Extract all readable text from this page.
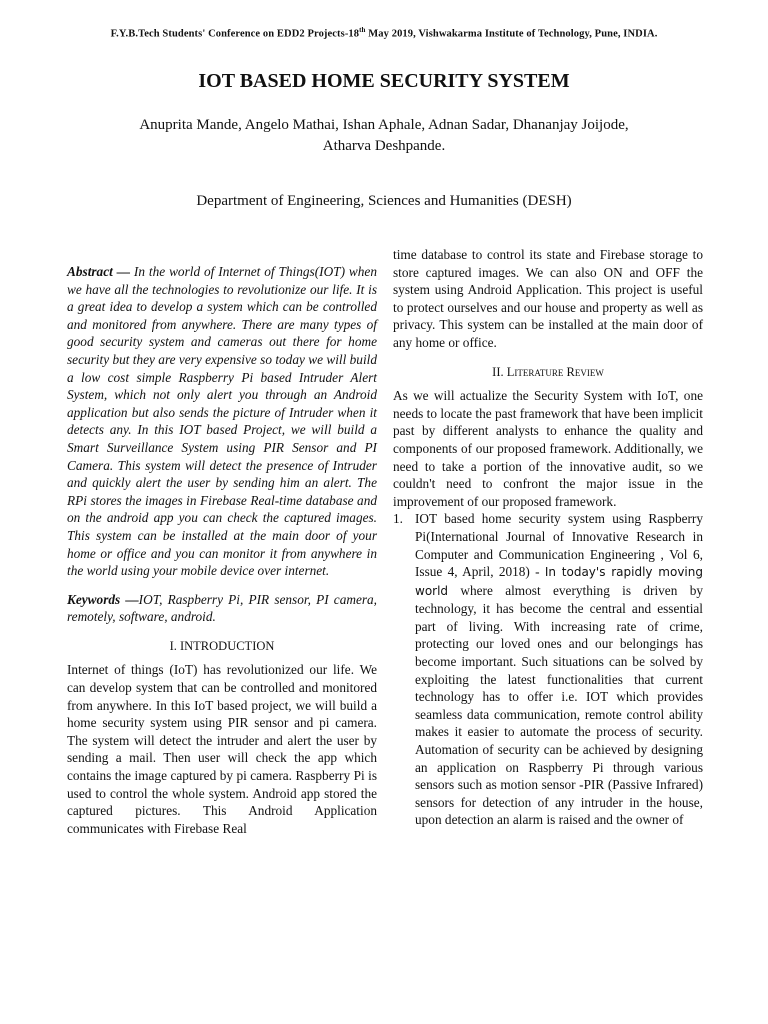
F.Y.B.Tech Students' Conference on EDD2 Projects-18th May 2019, Vishwakarma Institute of Technology, Pune, INDIA.
IOT BASED HOME SECURITY SYSTEM
Anuprita Mande, Angelo Mathai, Ishan Aphale, Adnan Sadar, Dhananjay Joijode, Atharva Deshpande.
Department of Engineering, Sciences and Humanities (DESH)

Abstract — In the world of Internet of Things(IOT) when we have all the technologies to revolutionize our life. It is a great idea to develop a system which can be controlled and monitored from anywhere. There are many types of good security system and cameras out there for home security but they are very expensive so today we will build a low cost simple Raspberry Pi based Intruder Alert System, which not only alert you through an Android application but also sends the picture of Intruder when it detects any. In this IOT based Project, we will build a Smart Surveillance System using PIR Sensor and PI Camera. This system will detect the presence of Intruder and quickly alert the user by sending him an alert. The RPi stores the images in Firebase Real-time database and on the android app you can check the captured images. This system can be installed at the main door of your home or office and you can monitor it from anywhere in the world using your mobile device over internet.

Keywords —IOT, Raspberry Pi, PIR sensor, PI camera, remotely, software, android.

I. INTRODUCTION

Internet of things (IoT) has revolutionized our life. We can develop system that can be controlled and monitored from anywhere. In this IoT based project, we will build a home security system using PIR sensor and pi camera. The system will detect the intruder and alert the user by sending a mail. Then user will check the app which contains the image captured by pi camera. Raspberry Pi is used to control the whole system. Android app stored the captured pictures. This Android Application communicates with Firebase Real

time database to control its state and Firebase storage to store captured images. We can also ON and OFF the system using Android Application. This project is useful to protect ourselves and our house and property as well as privacy. This system can be installed at the main door of any home or office.

II. Literature Review

As we will actualize the Security System with IoT, one needs to locate the past framework that have been implicit past by different analysts to enhance the quality and components of our proposed framework. Additionally, we need to take a portion of the innovative audit, so we couldn't need to confront the major issue in the improvement of our proposed framework.

1. IOT based home security system using Raspberry Pi(International Journal of Innovative Research in Computer and Communication Engineering , Vol 6, Issue 4, April, 2018) - In today's rapidly moving world where almost everything is driven by technology, it has become the central and essential part of living. With increasing rate of crime, protecting our loved ones and our belongings has become important. Such situations can be solved by exploiting the latest functionalities that current technology has to offer i.e. IOT which provides seamless data communication, remote control ability makes it easier to automate the process of security. Automation of security can be achieved by designing an application on Raspberry Pi through various sensors such as motion sensor -PIR (Passive Infrared) sensors for detection of any intruder in the house, upon detection an alarm is raised and the owner of
